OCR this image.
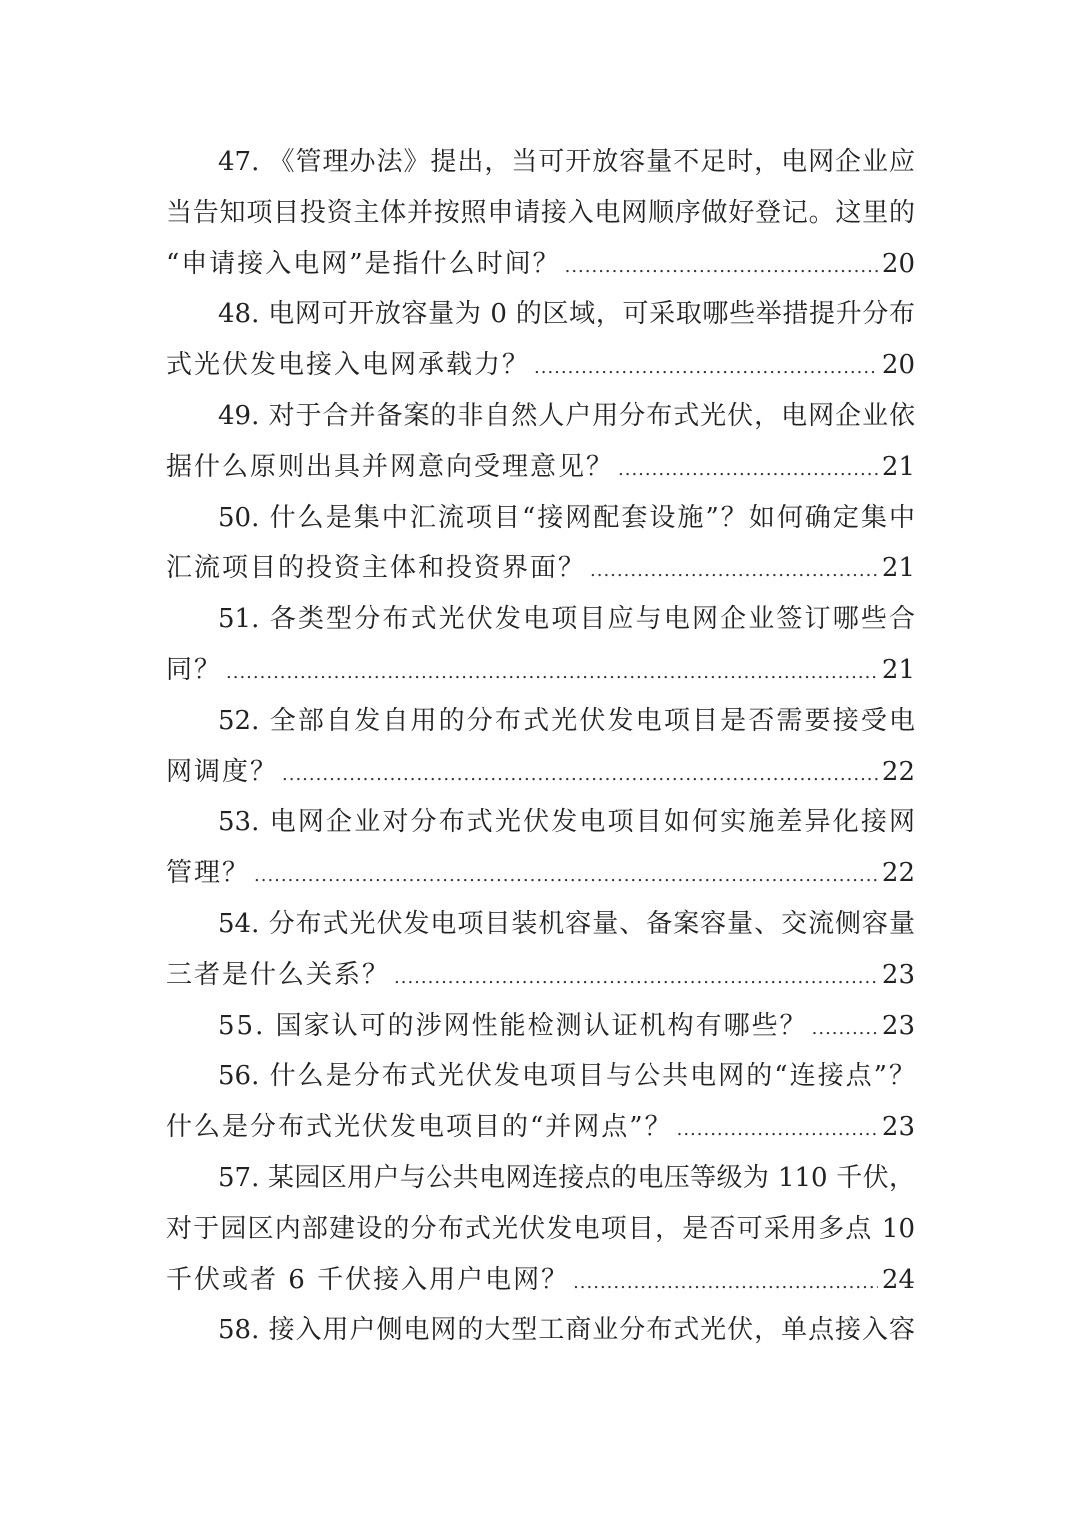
47. 《管理办法》提出，当可开放容量不足时，电网企业应
当告知项目投资主体并按照申请接入电网顺序做好登记。这里的
“申请接入电网”是指什么时间？ .....	20
48. 电网可开放容量为 0 的区域，可采取哪些举措提升分布
式光伏发电接入电网承载力？ .....	20
49. 对于合并备案的非自然人户用分布式光伏，电网企业依
据什么原则出具并网意向受理意见？ .....	21
50. 什么是集中汇流项目“接网配套设施”？如何确定集中
汇流项目的投资主体和投资界面？ .....	21
51. 各类型分布式光伏发电项目应与电网企业签订哪些合
同？ .....	21
52. 全部自发自用的分布式光伏发电项目是否需要接受电
网调度？ .....	22
53. 电网企业对分布式光伏发电项目如何实施差异化接网
管理？ .....	22
54. 分布式光伏发电项目装机容量、备案容量、交流侧容量
三者是什么关系？ .....	23
55. 国家认可的涉网性能检测认证机构有哪些？ .....	23
56. 什么是分布式光伏发电项目与公共电网的“连接点”？
什么是分布式光伏发电项目的“并网点”？ .....	23
57. 某园区用户与公共电网连接点的电压等级为 110 千伏，
对于园区内部建设的分布式光伏发电项目，是否可采用多点 10
千伏或者 6 千伏接入用户电网？ .....	24
58. 接入用户侧电网的大型工商业分布式光伏，单点接入容
